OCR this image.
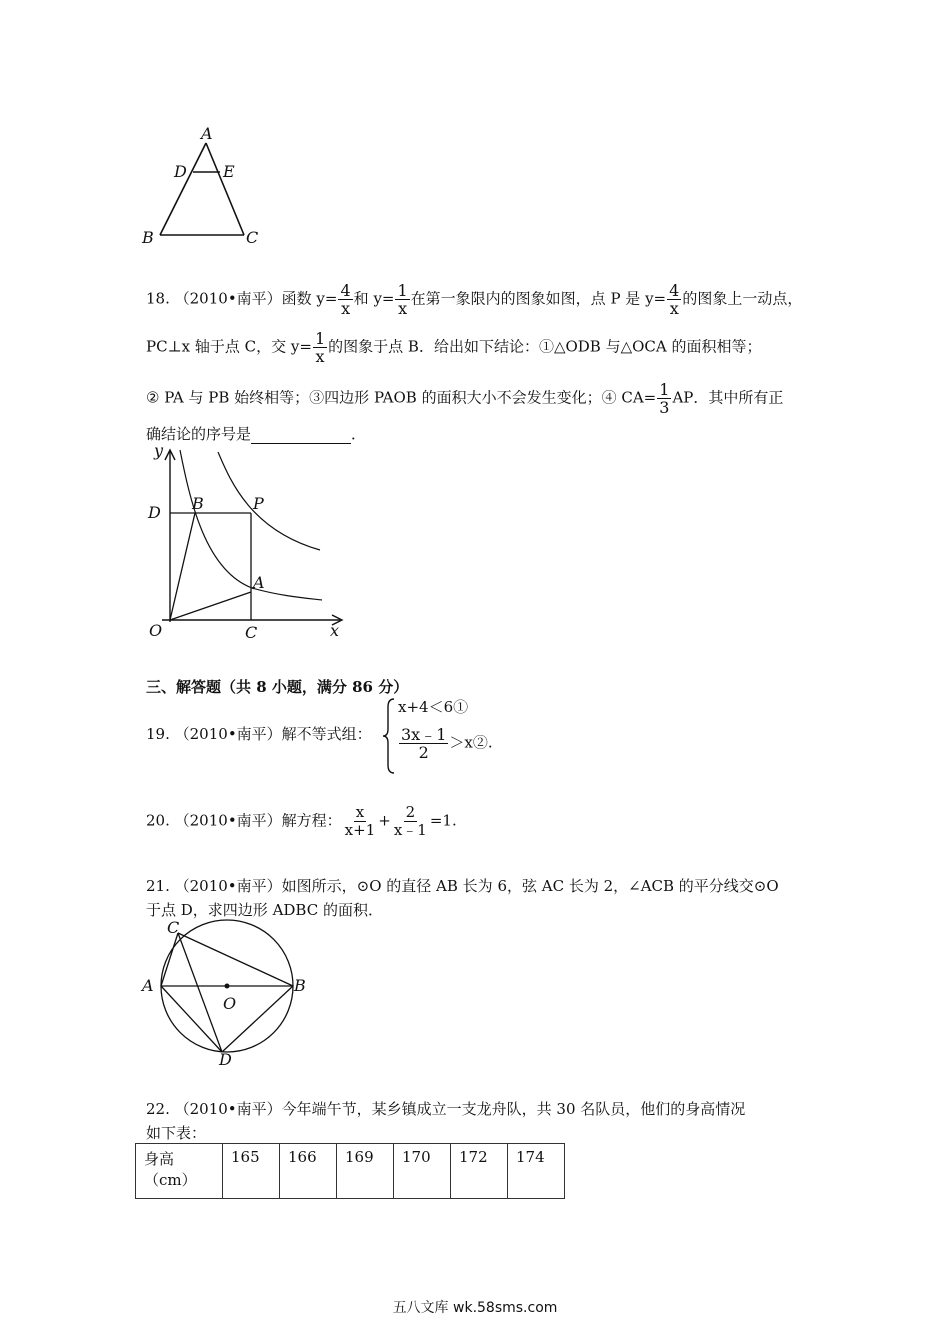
A
D E
B	C
18. （2010•南平）函数 $y= \frac{4}{x}$ 和 $y= \frac{1}{x}$ 在第一象限内的图象如图，点 P 是 $y= \frac{4}{x}$ 的图象上一动点，
PC⊥x 轴于点 C，交 $y= \frac{1}{x}$ 的图象于点 B．给出如下结论：①△ODB 与△OCA 的面积相等；
② PA 与 PB 始终相等；③四边形 PAOB 的面积大小不会发生变化；④ $CA= \frac{1}{3}$ AP．其中所有正
确结论的序号是	．
y
B	P
D
A
O	C	x
三、解答题（共 8 小题，满分 86 分）
19. （2010•南平）解不等式组：
x+4＜6①
$\frac{3x﹣1}{2}$ ＞x②.
20. （2010•南平）解方程： $\frac{x}{x+1} + \frac{2}{x﹣1} =1$.
21. （2010•南平）如图所示，⊙O 的直径 AB 长为 6，弦 AC 长为 2，∠ACB 的平分线交⊙O
于点 D，求四边形 ADBC 的面积．
C
A
O
B
D
22. （2010•南平）今年端午节，某乡镇成立一支龙舟队，共 30 名队员，他们的身高情况
如下表：
身高
（cm）
	165	166	169	170	172	174
五八文库 wk.58sms.com
